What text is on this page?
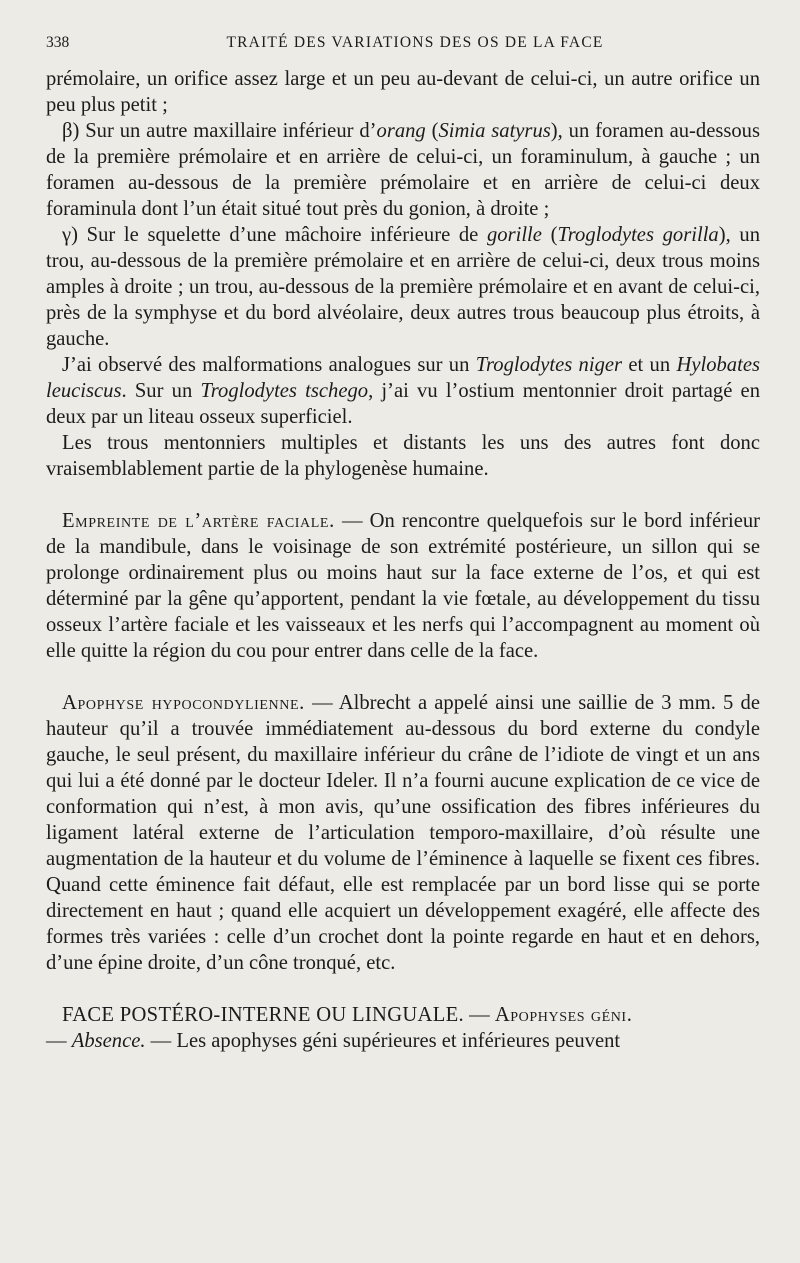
338	TRAITÉ DES VARIATIONS DES OS DE LA FACE

prémolaire, un orifice assez large et un peu au-devant de celui-ci, un autre orifice un peu plus petit ;

β) Sur un autre maxillaire inférieur d’orang (Simia satyrus), un foramen au-dessous de la première prémolaire et en arrière de celui-ci, un foraminulum, à gauche ; un foramen au-dessous de la première prémolaire et en arrière de celui-ci deux foraminula dont l’un était situé tout près du gonion, à droite ;

γ) Sur le squelette d’une mâchoire inférieure de gorille (Troglodytes gorilla), un trou, au-dessous de la première prémolaire et en arrière de celui-ci, deux trous moins amples à droite ; un trou, au-dessous de la première prémolaire et en avant de celui-ci, près de la symphyse et du bord alvéolaire, deux autres trous beaucoup plus étroits, à gauche.

J’ai observé des malformations analogues sur un Troglodytes niger et un Hylobates leuciscus. Sur un Troglodytes tschego, j’ai vu l’ostium mentonnier droit partagé en deux par un liteau osseux superficiel.

Les trous mentonniers multiples et distants les uns des autres font donc vraisemblablement partie de la phylogenèse humaine.

Empreinte de l’artère faciale. — On rencontre quelquefois sur le bord inférieur de la mandibule, dans le voisinage de son extrémité postérieure, un sillon qui se prolonge ordinairement plus ou moins haut sur la face externe de l’os, et qui est déterminé par la gêne qu’apportent, pendant la vie fœtale, au développement du tissu osseux l’artère faciale et les vaisseaux et les nerfs qui l’accompagnent au moment où elle quitte la région du cou pour entrer dans celle de la face.

Apophyse hypocondylienne. — Albrecht a appelé ainsi une saillie de 3 mm. 5 de hauteur qu’il a trouvée immédiatement au-dessous du bord externe du condyle gauche, le seul présent, du maxillaire inférieur du crâne de l’idiote de vingt et un ans qui lui a été donné par le docteur Ideler. Il n’a fourni aucune explication de ce vice de conformation qui n’est, à mon avis, qu’une ossification des fibres inférieures du ligament latéral externe de l’articulation temporo-maxillaire, d’où résulte une augmentation de la hauteur et du volume de l’éminence à laquelle se fixent ces fibres. Quand cette éminence fait défaut, elle est remplacée par un bord lisse qui se porte directement en haut ; quand elle acquiert un développement exagéré, elle affecte des formes très variées : celle d’un crochet dont la pointe regarde en haut et en dehors, d’une épine droite, d’un cône tronqué, etc.

FACE POSTÉRO-INTERNE OU LINGUALE. — Apophyses géni.
— Absence. — Les apophyses géni supérieures et inférieures peuvent
